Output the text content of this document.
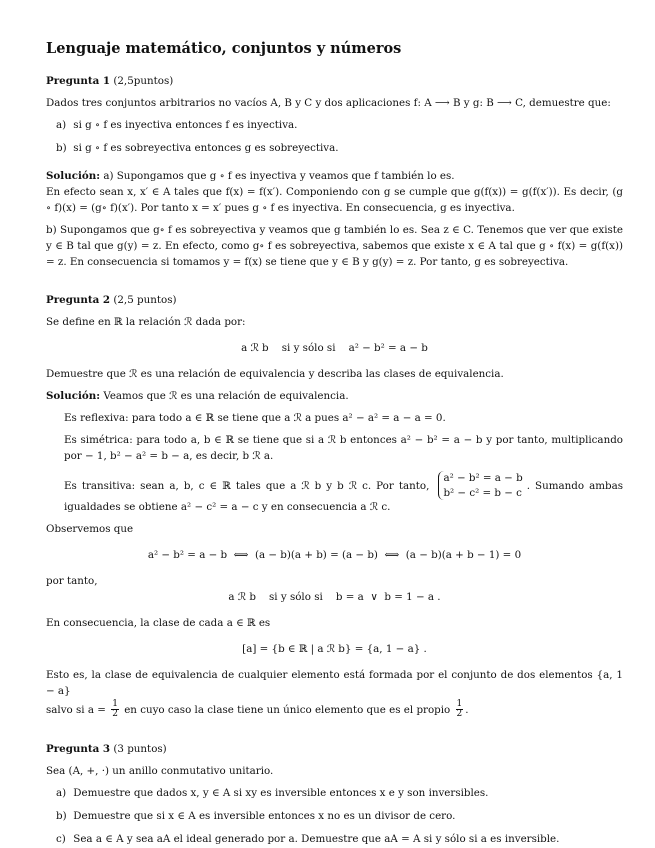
Lenguaje matemático, conjuntos y números
Pregunta 1 (2,5puntos)

Dados tres conjuntos arbitrarios no vacíos A, B y C y dos aplicaciones f: A ⟶ B y g: B ⟶ C, demuestre que:

a) si g ∘ f es inyectiva entonces f es inyectiva.
b) si g ∘ f es sobreyectiva entonces g es sobreyectiva.

Solución: a) Supongamos que g ∘ f es inyectiva y veamos que f también lo es.

En efecto sean x, x′ ∈ A tales que f(x) = f(x′). Componiendo con g se cumple que g(f(x)) = g(f(x′)). Es decir, (g ∘ f)(x) = (g∘ f)(x′). Por tanto x = x′ pues g ∘ f es inyectiva. En consecuencia, g es inyectiva.

b) Supongamos que g∘ f es sobreyectiva y veamos que g también lo es. Sea z ∈ C. Tenemos que ver que existe y ∈ B tal que g(y) = z. En efecto, como g∘ f es sobreyectiva, sabemos que existe x ∈ A tal que g ∘ f(x) = g(f(x)) = z. En consecuencia si tomamos y = f(x) se tiene que y ∈ B y g(y) = z. Por tanto, g es sobreyectiva.

Pregunta 2 (2,5 puntos)

Se define en ℝ la relación ℛ dada por:

a ℛ b    si y sólo si    a² − b² = a − b

Demuestre que ℛ es una relación de equivalencia y describa las clases de equivalencia.

Solución: Veamos que ℛ es una relación de equivalencia.

Es reflexiva: para todo a ∈ ℝ se tiene que a ℛ a pues a² − a² = a − a = 0.

Es simétrica: para todo a, b ∈ ℝ se tiene que si a ℛ b entonces a² − b² = a − b y por tanto, multiplicando por − 1, b² − a² = b − a, es decir, b ℛ a.

Es transitiva: sean a, b, c ∈ ℝ tales que a ℛ b y b ℛ c. Por tanto, a² − b² = a − b
b² − c² = b − c. Sumando ambas igualdades se obtiene a² − c² = a − c y en consecuencia a ℛ c.

Observemos que

a² − b² = a − b  ⟺  (a − b)(a + b) = (a − b)  ⟺  (a − b)(a + b − 1) = 0

por tanto,

a ℛ b    si y sólo si    b = a  ∨  b = 1 − a .

En consecuencia, la clase de cada a ∈ ℝ es

[a] = {b ∈ ℝ | a ℛ b} = {a, 1 − a} .

Esto es, la clase de equivalencia de cualquier elemento está formada por el conjunto de dos elementos {a, 1 − a}

salvo si $a = \frac{1}{2}$ en cuyo caso la clase tiene un único elemento que es el propio $\frac{1}{2}$ .

Pregunta 3 (3 puntos)

Sea (A, +, ·) un anillo conmutativo unitario.

a) Demuestre que dados x, y ∈ A si xy es inversible entonces x e y son inversibles.
b) Demuestre que si x ∈ A es inversible entonces x no es un divisor de cero.
c) Sea a ∈ A y sea aA el ideal generado por a. Demuestre que aA = A si y sólo si a es inversible.
